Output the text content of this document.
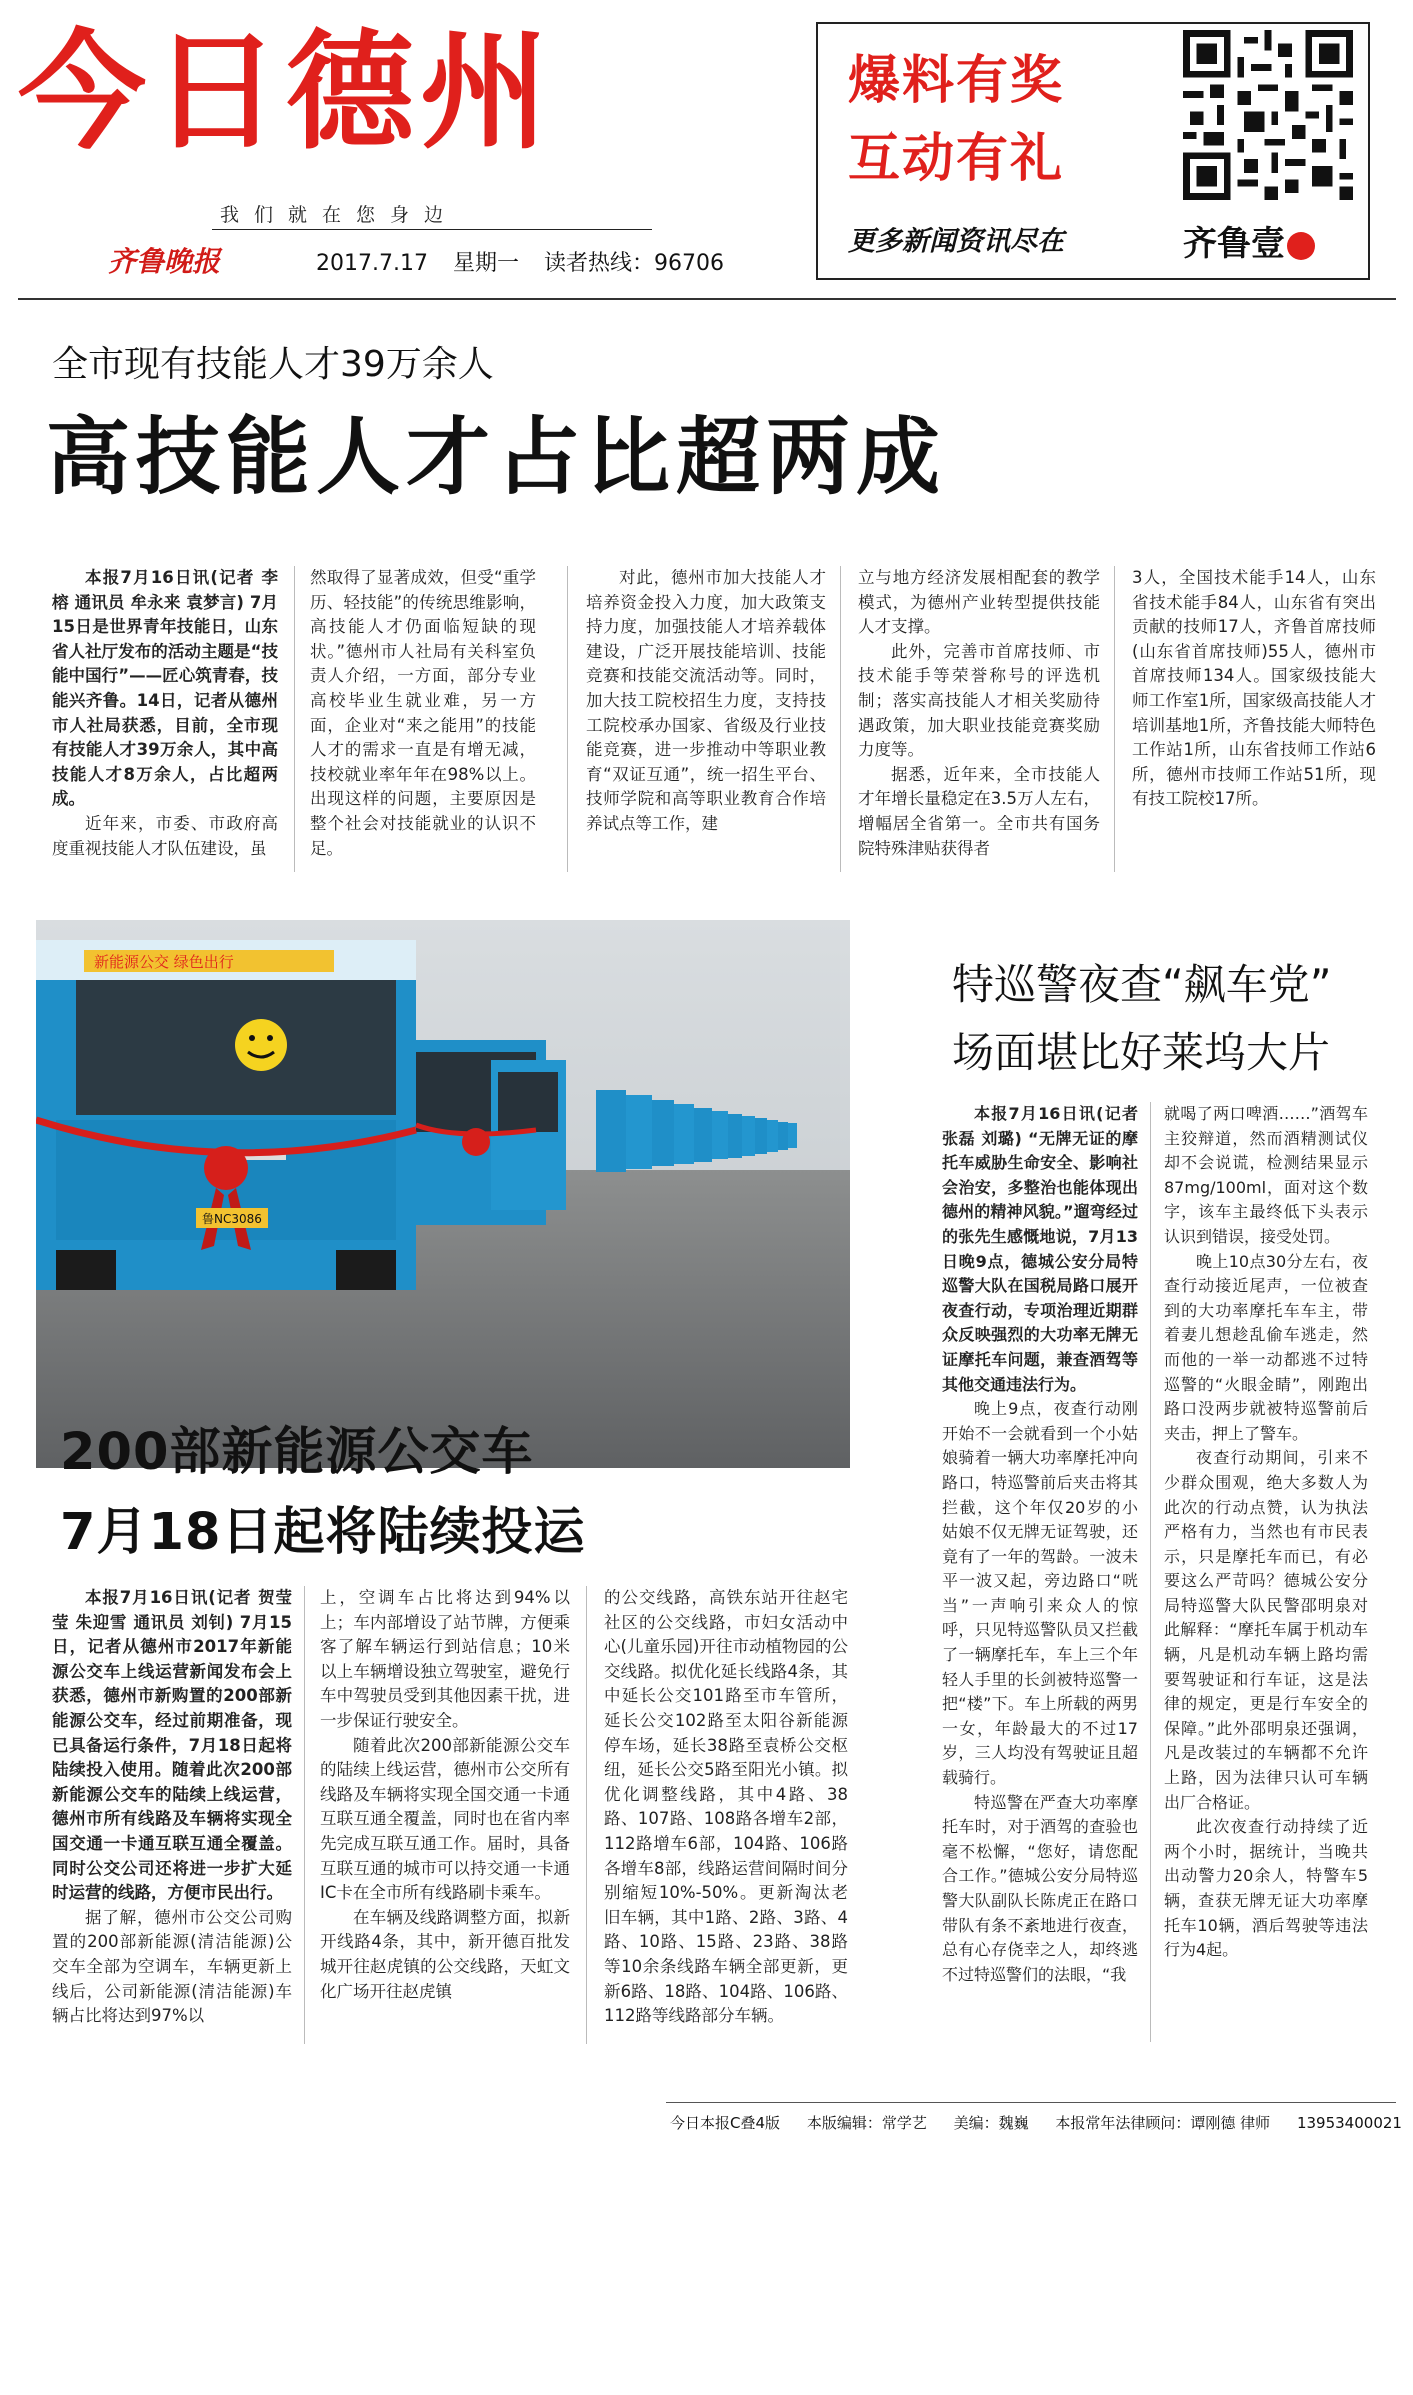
今日德州
我们就在您身边
齐鲁晚报	2017.7.17 星期一 读者热线：96706
爆料有奖
互动有礼
更多新闻资讯尽在	齐鲁壹
全市现有技能人才39万余人
高技能人才占比超两成

本报7月16日讯(记者 李榕 通讯员 牟永来 袁梦言) 7月15日是世界青年技能日，山东省人社厅发布的活动主题是“技能中国行”——匠心筑青春，技能兴齐鲁。14日，记者从德州市人社局获悉，目前，全市现有技能人才39万余人，其中高技能人才8万余人，占比超两成。

近年来，市委、市政府高度重视技能人才队伍建设，虽

然取得了显著成效，但受“重学历、轻技能”的传统思维影响，高技能人才仍面临短缺的现状。”德州市人社局有关科室负责人介绍，一方面，部分专业高校毕业生就业难，另一方面，企业对“来之能用”的技能人才的需求一直是有增无减，技校就业率年年在98%以上。出现这样的问题，主要原因是整个社会对技能就业的认识不足。

对此，德州市加大技能人才培养资金投入力度，加大政策支持力度，加强技能人才培养载体建设，广泛开展技能培训、技能竞赛和技能交流活动等。同时，加大技工院校招生力度，支持技工院校承办国家、省级及行业技能竞赛，进一步推动中等职业教育“双证互通”，统一招生平台、技师学院和高等职业教育合作培养试点等工作，建

立与地方经济发展相配套的教学模式，为德州产业转型提供技能人才支撑。

此外，完善市首席技师、市技术能手等荣誉称号的评选机制；落实高技能人才相关奖励待遇政策，加大职业技能竞赛奖励力度等。

据悉，近年来，全市技能人才年增长量稳定在3.5万人左右，增幅居全省第一。全市共有国务院特殊津贴获得者

3人，全国技术能手14人，山东省技术能手84人，山东省有突出贡献的技师17人，齐鲁首席技师(山东省首席技师)55人，德州市首席技师134人。国家级技能大师工作室1所，国家级高技能人才培训基地1所，齐鲁技能大师特色工作站1所，山东省技师工作站6所，德州市技师工作站51所，现有技工院校17所。

新能源公交 绿色出行
鲁NC3086
200部新能源公交车
7月18日起将陆续投运

本报7月16日讯(记者 贺莹莹 朱迎雪 通讯员 刘钊) 7月15日，记者从德州市2017年新能源公交车上线运营新闻发布会上获悉，德州市新购置的200部新能源公交车，经过前期准备，现已具备运行条件，7月18日起将陆续投入使用。随着此次200部新能源公交车的陆续上线运营，德州市所有线路及车辆将实现全国交通一卡通互联互通全覆盖。同时公交公司还将进一步扩大延时运营的线路，方便市民出行。

据了解，德州市公交公司购置的200部新能源(清洁能源)公交车全部为空调车，车辆更新上线后，公司新能源(清洁能源)车辆占比将达到97%以

上，空调车占比将达到94%以上；车内部增设了站节牌，方便乘客了解车辆运行到站信息；10米以上车辆增设独立驾驶室，避免行车中驾驶员受到其他因素干扰，进一步保证行驶安全。

随着此次200部新能源公交车的陆续上线运营，德州市公交所有线路及车辆将实现全国交通一卡通互联互通全覆盖，同时也在省内率先完成互联互通工作。届时，具备互联互通的城市可以持交通一卡通IC卡在全市所有线路刷卡乘车。

在车辆及线路调整方面，拟新开线路4条，其中，新开德百批发城开往赵虎镇的公交线路，天虹文化广场开往赵虎镇

的公交线路，高铁东站开往赵宅社区的公交线路，市妇女活动中心(儿童乐园)开往市动植物园的公交线路。拟优化延长线路4条，其中延长公交101路至市车管所，延长公交102路至太阳谷新能源停车场，延长38路至袁桥公交枢纽，延长公交5路至阳光小镇。拟优化调整线路，其中4路、38路、107路、108路各增车2部，112路增车6部，104路、106路各增车8部，线路运营间隔时间分别缩短10%-50%。更新淘汰老旧车辆，其中1路、2路、3路、4路、10路、15路、23路、38路等10余条线路车辆全部更新，更新6路、18路、104路、106路、112路等线路部分车辆。

特巡警夜查“飙车党”
场面堪比好莱坞大片

本报7月16日讯(记者 张磊 刘璐) “无牌无证的摩托车威胁生命安全、影响社会治安，多整治也能体现出德州的精神风貌。”遛弯经过的张先生感慨地说，7月13日晚9点，德城公安分局特巡警大队在国税局路口展开夜查行动，专项治理近期群众反映强烈的大功率无牌无证摩托车问题，兼查酒驾等其他交通违法行为。

晚上9点，夜查行动刚开始不一会就看到一个小姑娘骑着一辆大功率摩托冲向路口，特巡警前后夹击将其拦截，这个年仅20岁的小姑娘不仅无牌无证驾驶，还竟有了一年的驾龄。一波未平一波又起，旁边路口“咣当”一声响引来众人的惊呼，只见特巡警队员又拦截了一辆摩托车，车上三个年轻人手里的长剑被特巡警一把“楼”下。车上所载的两男一女，年龄最大的不过17岁，三人均没有驾驶证且超载骑行。

特巡警在严查大功率摩托车时，对于酒驾的查验也毫不松懈，“您好，请您配合工作。”德城公安分局特巡警大队副队长陈虎正在路口带队有条不紊地进行夜查，总有心存侥幸之人，却终逃不过特巡警们的法眼，“我

就喝了两口啤酒……”酒驾车主狡辩道，然而酒精测试仪却不会说谎，检测结果显示87mg/100ml，面对这个数字，该车主最终低下头表示认识到错误，接受处罚。

晚上10点30分左右，夜查行动接近尾声，一位被查到的大功率摩托车车主，带着妻儿想趁乱偷车逃走，然而他的一举一动都逃不过特巡警的“火眼金睛”，刚跑出路口没两步就被特巡警前后夹击，押上了警车。

夜查行动期间，引来不少群众围观，绝大多数人为此次的行动点赞，认为执法严格有力，当然也有市民表示，只是摩托车而已，有必要这么严苛吗？德城公安分局特巡警大队民警邵明泉对此解释：“摩托车属于机动车辆，凡是机动车辆上路均需要驾驶证和行车证，这是法律的规定，更是行车安全的保障。”此外邵明泉还强调，凡是改装过的车辆都不允许上路，因为法律只认可车辆出厂合格证。

此次夜查行动持续了近两个小时，据统计，当晚共出动警力20余人，特警车5辆，查获无牌无证大功率摩托车10辆，酒后驾驶等违法行为4起。

今日本报C叠4版 本版编辑：常学艺 美编：魏巍 本报常年法律顾问：谭刚德 律师 13953400021
